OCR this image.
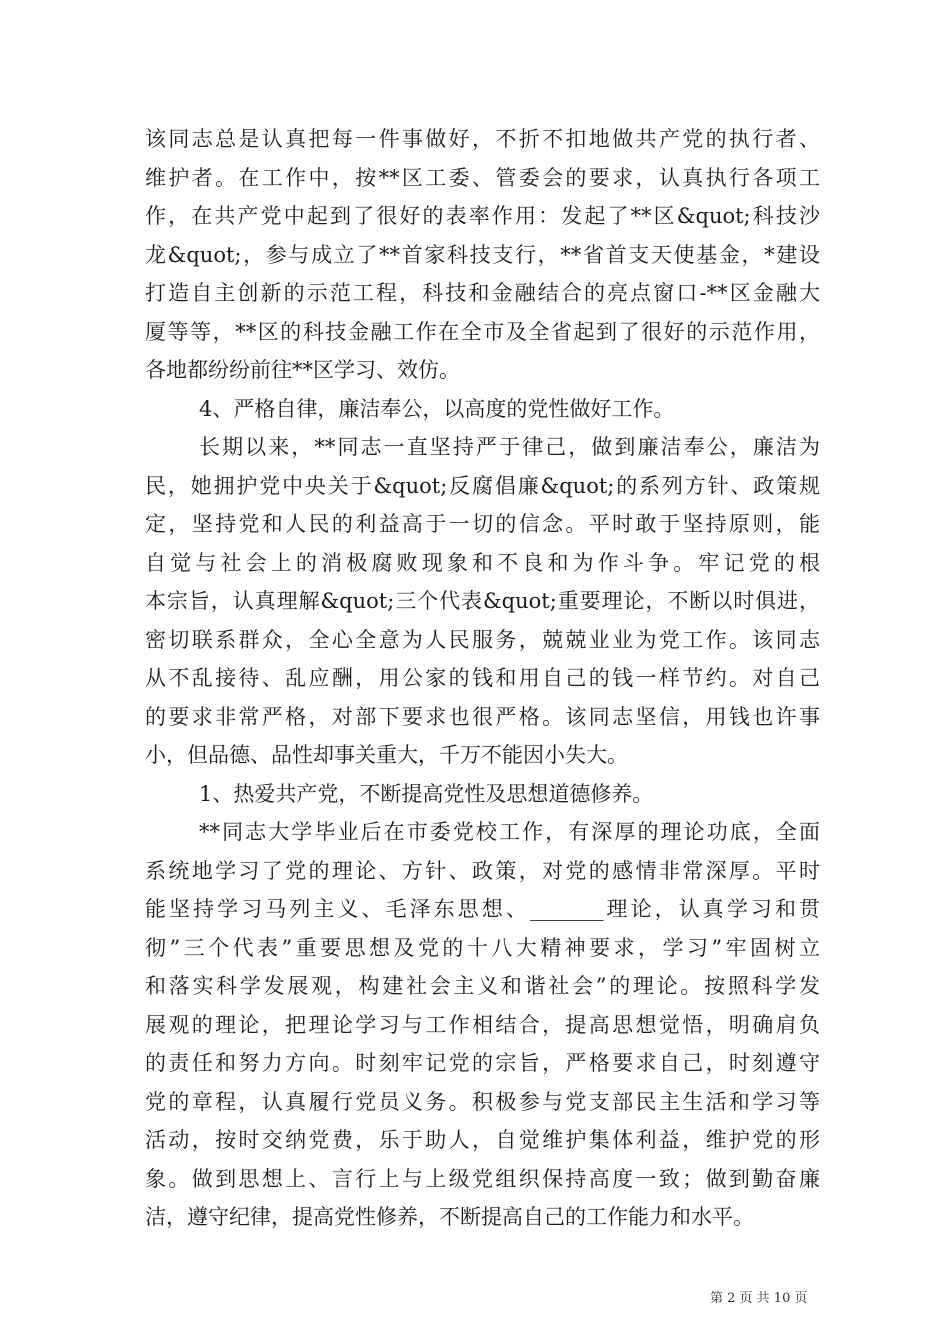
该同志总是认真把每一件事做好，不折不扣地做共产党的执行者、
维护者。在工作中，按**区工委、管委会的要求，认真执行各项工
作，在共产党中起到了很好的表率作用：发起了**区&quot;科技沙
龙&quot;，参与成立了**首家科技支行，**省首支天使基金，*建设
打造自主创新的示范工程，科技和金融结合的亮点窗口-**区金融大
厦等等，**区的科技金融工作在全市及全省起到了很好的示范作用，
各地都纷纷前往**区学习、效仿。
4、严格自律，廉洁奉公，以高度的党性做好工作。
长期以来，**同志一直坚持严于律己，做到廉洁奉公，廉洁为
民，她拥护党中央关于&quot;反腐倡廉&quot;的系列方针、政策规
定，坚持党和人民的利益高于一切的信念。平时敢于坚持原则，能
自觉与社会上的消极腐败现象和不良和为作斗争。牢记党的根
本宗旨，认真理解&quot;三个代表&quot;重要理论，不断以时俱进，
密切联系群众，全心全意为人民服务，兢兢业业为党工作。该同志
从不乱接待、乱应酬，用公家的钱和用自己的钱一样节约。对自己
的要求非常严格，对部下要求也很严格。该同志坚信，用钱也许事
小，但品德、品性却事关重大，千万不能因小失大。
1、热爱共产党，不断提高党性及思想道德修养。
**同志大学毕业后在市委党校工作，有深厚的理论功底，全面
系统地学习了党的理论、方针、政策，对党的感情非常深厚。平时
能坚持学习马列主义、毛泽东思想、_______理论，认真学习和贯
彻”三个代表”重要思想及党的十八大精神要求，学习”牢固树立
和落实科学发展观，构建社会主义和谐社会”的理论。按照科学发
展观的理论，把理论学习与工作相结合，提高思想觉悟，明确肩负
的责任和努力方向。时刻牢记党的宗旨，严格要求自己，时刻遵守
党的章程，认真履行党员义务。积极参与党支部民主生活和学习等
活动，按时交纳党费，乐于助人，自觉维护集体利益，维护党的形
象。做到思想上、言行上与上级党组织保持高度一致；做到勤奋廉
洁，遵守纪律，提高党性修养，不断提高自己的工作能力和水平。
第 2 页 共 10 页
